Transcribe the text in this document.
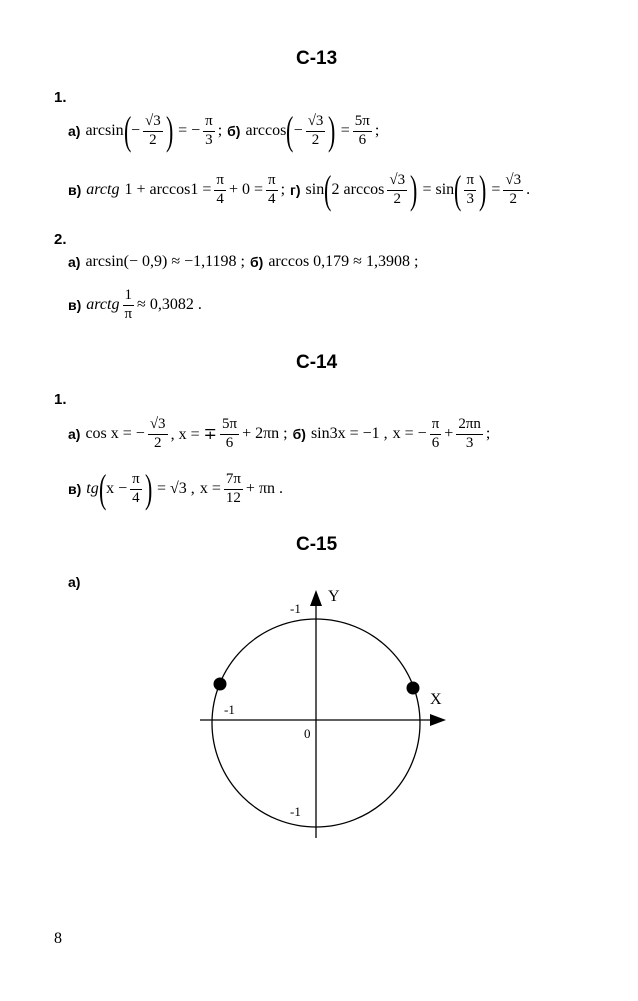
С-13
1.
а) arcsin ( − $\frac{√3}{2}$ ) = − $\frac{\pi}{3}$ ; б) arccos ( − $\frac{√3}{2}$ ) = $\frac{5\pi}{6}$ ;
в) arctg $1 + \arccos 1 = \frac{\pi}{4} + 0 = \frac{\pi}{4}$ ; г) sin ( 2 arccos
√3
2 ) = sin ( π
3 ) = $\frac{√3}{2}$ .
2.
а) arcsin(− 0,9) ≈ −1,1198 ; б) arccos 0,179 ≈ 1,3908 ;
в) arctg $\frac{1}{\pi} \approx 0,3082$ .
С-14
1.
а) cos x = − $\frac{√3}{2}$ , x = ∓
5π
6
+ 2πn ; б) sin3x = −1 , x = − $\frac{\pi}{6} + \frac{2\pi n}{3}$ ;
в) tg ( $x - \frac{\pi}{4}$ ) = √3 , $x = \frac{7\pi}{12} + \pi n$ .
С-15
а)
Y
X
-1
-1
-1
0
8
